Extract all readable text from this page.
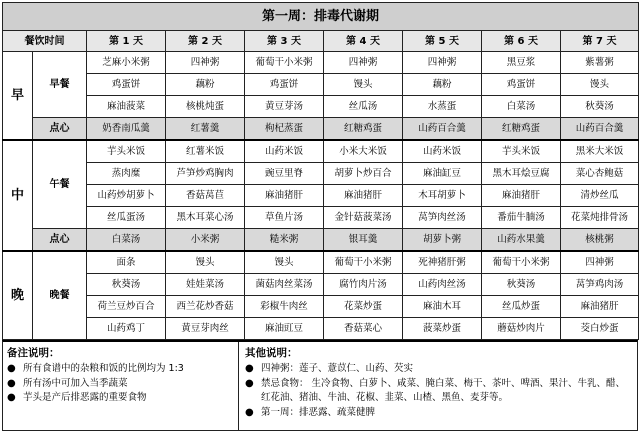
第一周：排毒代谢期								
餐饮时间		第 1 天	第 2 天	第 3 天	第 4 天	第 5 天	第 6 天	第 7 天
早	早餐	芝麻小米粥	四神粥	葡萄干小米粥	四神粥	四神粥	黑豆浆	紫薯粥
		鸡蛋饼	藕粉	鸡蛋饼	馒头	藕粉	鸡蛋饼	馒头
		麻油菠菜	核桃炖蛋	黄豆芽汤	丝瓜汤	水蒸蛋	白菜汤	秋葵汤
	点心	奶香南瓜羹	红薯羹	枸杞蒸蛋	红糖鸡蛋	山药百合羹	红糖鸡蛋	山药百合羹
中	午餐	芋头米饭	红薯米饭	山药米饭	小米大米饭	山药米饭	芋头米饭	黑米大米饭
		蒸肉糜	芦笋炒鸡胸肉	豌豆里脊	胡萝卜炒百合	麻油缸豆	黑木耳烩豆腐	菜心杏鲍菇
		山药炒胡萝卜	香菇莴苣	麻油猪肝	麻油猪肝	木耳胡萝卜	麻油猪肝	清炒丝瓜
		丝瓜蛋汤	黑木耳菜心汤	草鱼片汤	金针菇菠菜汤	莴笋肉丝汤	番茄牛腩汤	花菜炖排骨汤
	点心	白菜汤	小米粥	糙米粥	银耳羹	胡萝卜粥	山药水果羹	核桃粥
晚	晚餐	面条	馒头	馒头	葡萄干小米粥	死神猪肝粥	葡萄干小米粥	四神粥
		秋葵汤	娃娃菜汤	菌菇肉丝菜汤	腐竹肉片汤	山药肉丝汤	秋葵汤	莴笋鸡肉汤
		荷兰豆炒百合	西兰花炒香菇	彩椒牛肉丝	花菜炒蛋	麻油木耳	丝瓜炒蛋	麻油猪肝
		山药鸡丁	黄豆芽肉丝	麻油豇豆	香菇菜心	菠菜炒蛋	蘑菇炒肉片	茭白炒蛋
备注说明：
● 所有食谱中的杂粮和饭的比例均为 1:3
● 所有汤中可加入当季蔬菜
● 芋头是产后排恶露的重要食物
其他说明：
● 四神粥：莲子、薏苡仁、山药、芡实
● 禁忌食物： 生冷食物、白萝卜、咸菜、腌白菜、梅干、茶叶、啤酒、果汁、牛乳、醋、红花油、猪油、牛油、花椒、韭菜、山楂、黑鱼、麦芽等。
● 第一周：排恶露、疏菜健脾
